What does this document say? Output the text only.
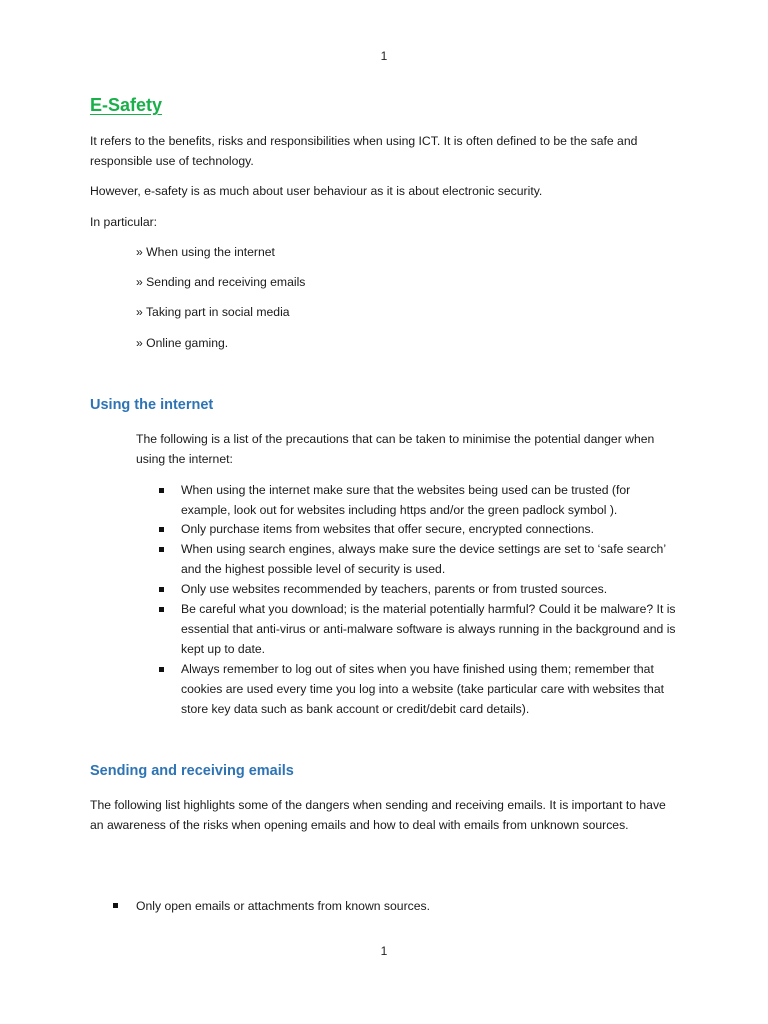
1
E-Safety

It refers to the benefits, risks and responsibilities when using ICT. It is often defined to be the safe and responsible use of technology.

However, e-safety is as much about user behaviour as it is about electronic security.

In particular:

» When using the internet

» Sending and receiving emails

» Taking part in social media

» Online gaming.

Using the internet

The following is a list of the precautions that can be taken to minimise the potential danger when using the internet:

When using the internet make sure that the websites being used can be trusted (for example, look out for websites including https and/or the green padlock symbol ).

Only purchase items from websites that offer secure, encrypted connections.

When using search engines, always make sure the device settings are set to ‘safe search’ and the highest possible level of security is used.

Only use websites recommended by teachers, parents or from trusted sources.

Be careful what you download; is the material potentially harmful? Could it be malware? It is essential that anti-virus or anti-malware software is always running in the background and is kept up to date.

Always remember to log out of sites when you have finished using them; remember that cookies are used every time you log into a website (take particular care with websites that store key data such as bank account or credit/debit card details).

Sending and receiving emails

The following list highlights some of the dangers when sending and receiving emails. It is important to have an awareness of the risks when opening emails and how to deal with emails from unknown sources.

Only open emails or attachments from known sources.

1
